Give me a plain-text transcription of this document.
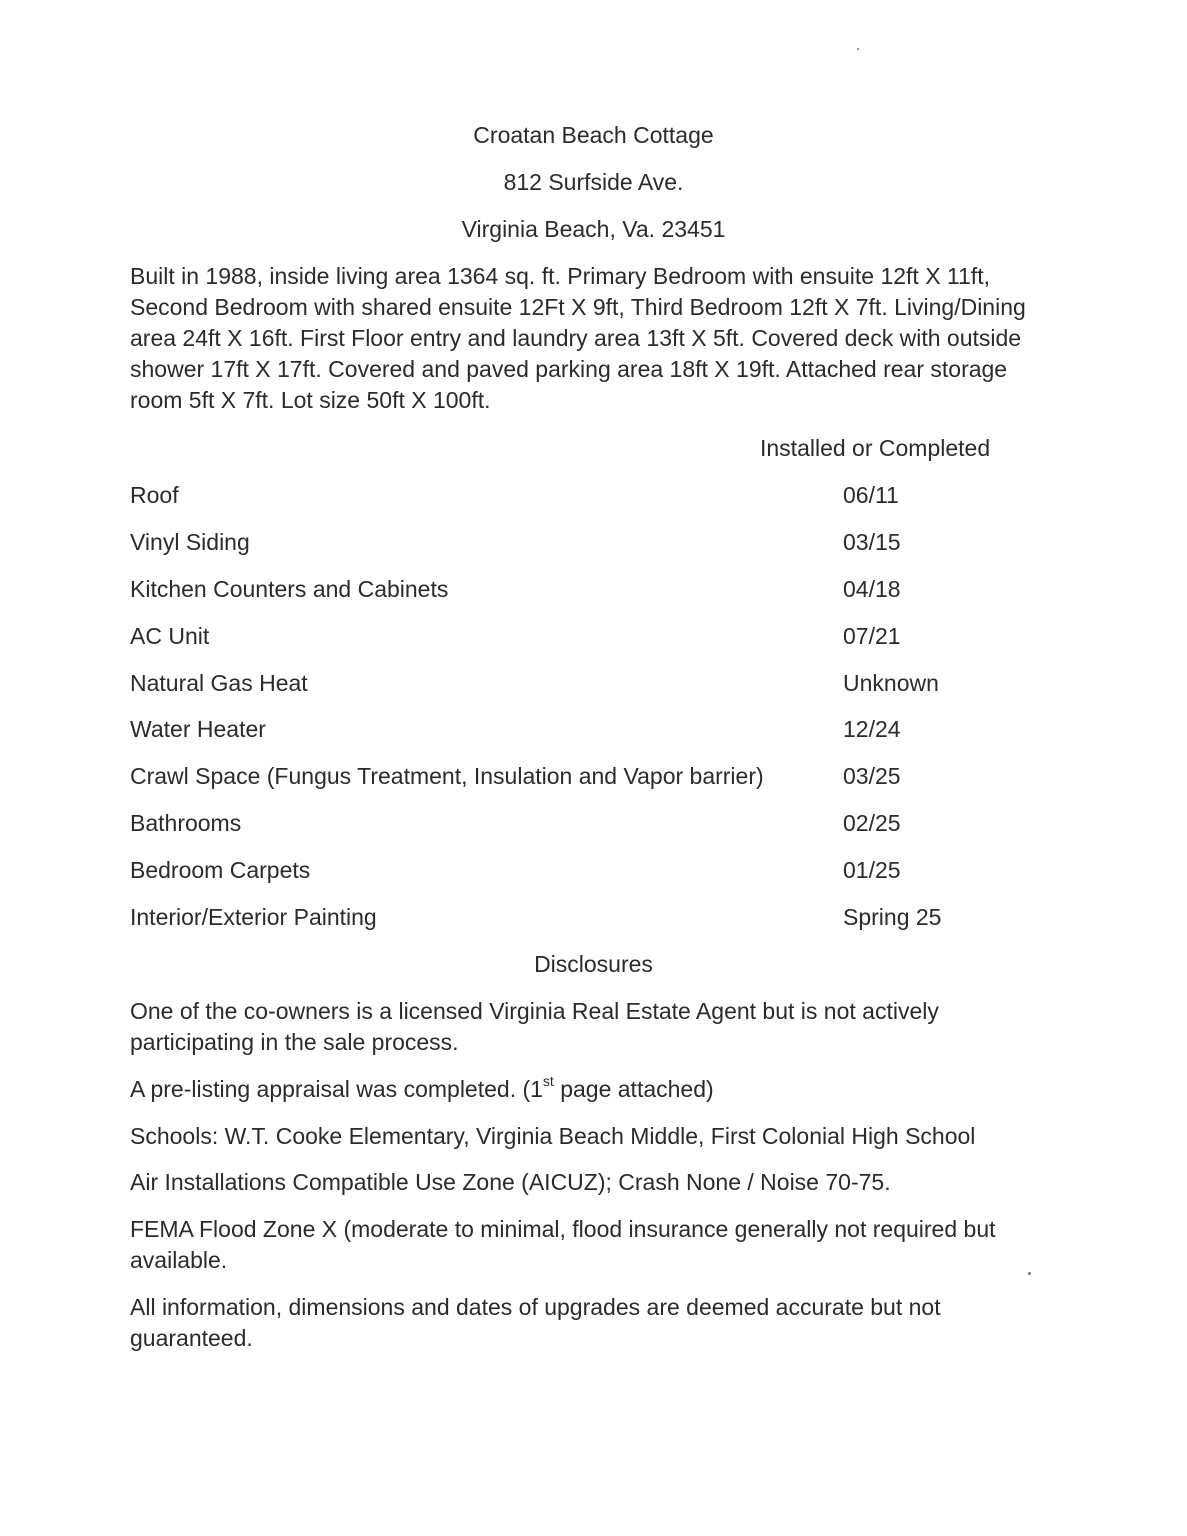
Croatan Beach Cottage
812 Surfside Ave.
Virginia Beach, Va. 23451

Built in 1988, inside living area 1364 sq. ft. Primary Bedroom with ensuite 12ft X 11ft, Second Bedroom with shared ensuite 12Ft X 9ft, Third Bedroom 12ft X 7ft. Living/Dining area 24ft X 16ft. First Floor entry and laundry area 13ft X 5ft. Covered deck with outside shower 17ft X 17ft. Covered and paved parking area 18ft X 19ft. Attached rear storage room 5ft X 7ft. Lot size 50ft X 100ft.

Installed or Completed
Roof	06/11
Vinyl Siding	03/15
Kitchen Counters and Cabinets	04/18
AC Unit	07/21
Natural Gas Heat	Unknown
Water Heater	12/24
Crawl Space (Fungus Treatment, Insulation and Vapor barrier)	03/25
Bathrooms	02/25
Bedroom Carpets	01/25
Interior/Exterior Painting	Spring 25
Disclosures

One of the co-owners is a licensed Virginia Real Estate Agent but is not actively participating in the sale process.

A pre-listing appraisal was completed. (1st page attached)
Schools: W.T. Cooke Elementary, Virginia Beach Middle, First Colonial High School
Air Installations Compatible Use Zone (AICUZ); Crash None / Noise 70-75.

FEMA Flood Zone X (moderate to minimal, flood insurance generally not required but available.

All information, dimensions and dates of upgrades are deemed accurate but not guaranteed.
